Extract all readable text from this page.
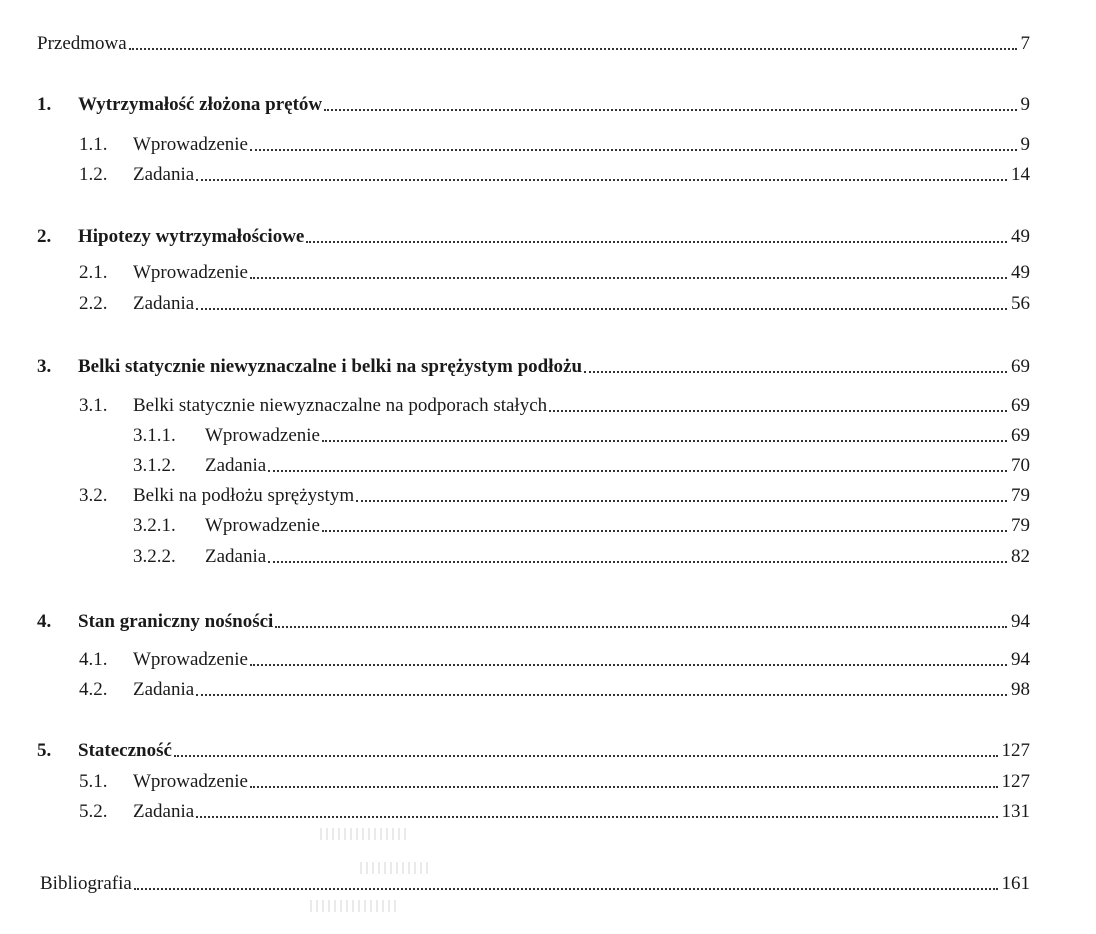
Przedmowa	7
1.	Wytrzymałość złożona prętów	9
1.1.	Wprowadzenie	9
1.2.	Zadania	14
2.	Hipotezy wytrzymałościowe	49
2.1.	Wprowadzenie	49
2.2.	Zadania	56
3.	Belki statycznie niewyznaczalne i belki na sprężystym podłożu	69
3.1.	Belki statycznie niewyznaczalne na podporach stałych	69
3.1.1.	Wprowadzenie	69
3.1.2.	Zadania	70
3.2.	Belki na podłożu sprężystym	79
3.2.1.	Wprowadzenie	79
3.2.2.	Zadania	82
4.	Stan graniczny nośności	94
4.1.	Wprowadzenie	94
4.2.	Zadania	98
5.	Stateczność	127
5.1.	Wprowadzenie	127
5.2.	Zadania	131
Bibliografia	161
